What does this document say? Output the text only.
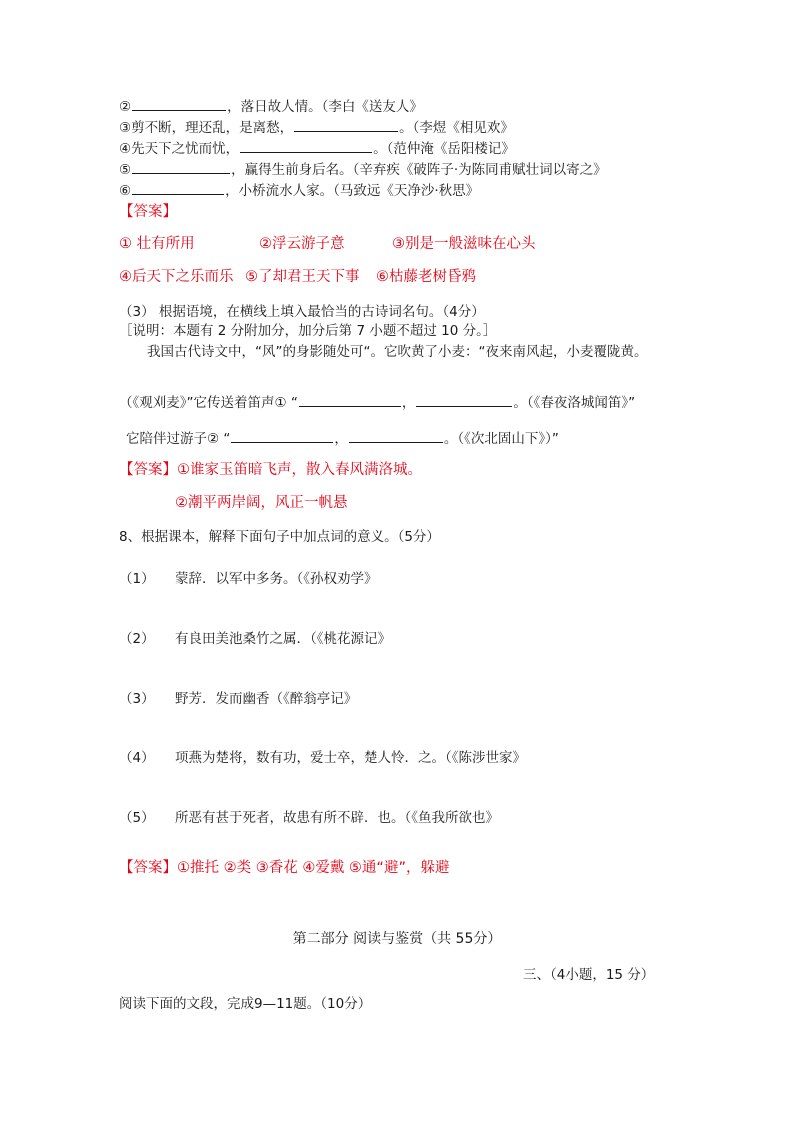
②	，落日故人情。（李白《送友人》
③剪不断，理还乱，是离愁，	。（李煜《相见欢》
④先天下之忧而忧，	。（范仲淹《岳阳楼记》
⑤	，赢得生前身后名。（辛弃疾《破阵子·为陈同甫赋壮词以寄之》
⑥	，小桥流水人家。（马致远《天净沙·秋思》
【答案】
① 壮有所用	②浮云游子意	③别是一般滋味在心头
④后天下之乐而乐 ⑤了却君王天下事 ⑥枯藤老树昏鸦
（3） 根据语境，在横线上填入最恰当的古诗词名句。（4分）
［说明：本题有 2 分附加分，加分后第 7 小题不超过 10 分。］
我国古代诗文中，“风”的身影随处可“。它吹黄了小麦：“夜来南风起，小麦覆陇黄。
（《观刈麦》”它传送着笛声① “	，	。（《春夜洛城闻笛》”
它陪伴过游子② “	，	。（《次北固山下》）”
【答案】①谁家玉笛暗飞声，散入春风满洛城。
②潮平两岸阔，风正一帆悬
8、根据课本，解释下面句子中加点词的意义。（5分）
（1） 蒙辞．以军中多务。（《孙权劝学》
（2） 有良田美池桑竹之属．（《桃花源记》
（3） 野芳．发而幽香（《醉翁亭记》
（4） 项燕为楚将，数有功，爱士卒，楚人怜．之。（《陈涉世家》
（5） 所恶有甚于死者，故患有所不辟．也。（《鱼我所欲也》
【答案】①推托 ②类 ③香花 ④爱戴 ⑤通“避”，躲避
第二部分 阅读与鉴赏（共 55分）
三、（4小题，15 分）
阅读下面的文段，完成9—11题。（10分）
